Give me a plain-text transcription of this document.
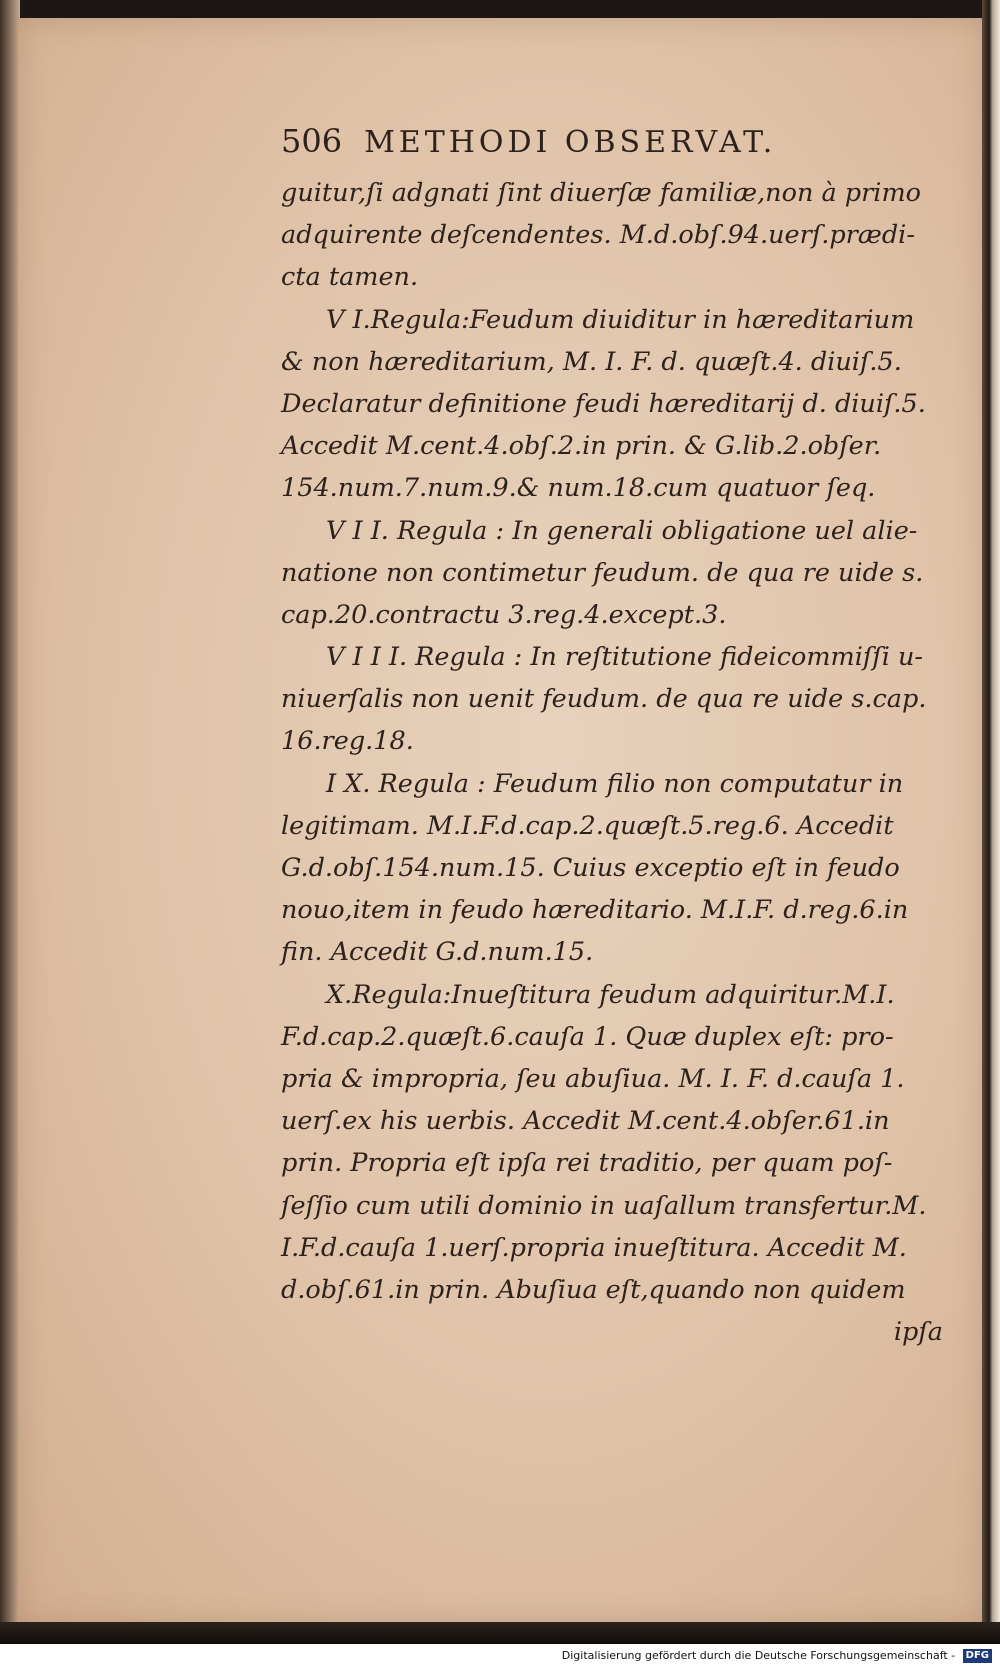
506 METHODI OBSERVAT.
guitur,ſi adgnati ſint diuerſæ familiæ,non à primo
adquirente deſcendentes. M.d.obſ.94.uerſ.prædi-
cta tamen.
V I.Regula:Feudum diuiditur in hæreditarium
& non hæreditarium, M. I. F. d. quæſt.4. diuiſ.5.
Declaratur definitione feudi hæreditarij d. diuiſ.5.
Accedit M.cent.4.obſ.2.in prin. & G.lib.2.obſer.
154.num.7.num.9.& num.18.cum quatuor ſeq.
V I I. Regula : In generali obligatione uel alie-
natione non contimetur feudum. de qua re uide s.
cap.20.contractu 3.reg.4.except.3.
V I I I. Regula : In reſtitutione fideicommiſſi u-
niuerſalis non uenit feudum. de qua re uide s.cap.
16.reg.18.
I X. Regula : Feudum filio non computatur in
legitimam. M.I.F.d.cap.2.quæſt.5.reg.6. Accedit
G.d.obſ.154.num.15. Cuius exceptio eſt in feudo
nouo,item in feudo hæreditario. M.I.F. d.reg.6.in
fin. Accedit G.d.num.15.
X.Regula:Inueſtitura feudum adquiritur.M.I.
F.d.cap.2.quæſt.6.cauſa 1. Quæ duplex eſt: pro-
pria & impropria, ſeu abuſiua. M. I. F. d.cauſa 1.
uerſ.ex his uerbis. Accedit M.cent.4.obſer.61.in
prin. Propria eſt ipſa rei traditio, per quam poſ-
ſeſſio cum utili dominio in uaſallum transfertur.M.
I.F.d.cauſa 1.uerſ.propria inueſtitura. Accedit M.
d.obſ.61.in prin. Abuſiua eſt,quando non quidem
ipſa
Digitalisierung gefördert durch die Deutsche Forschungsgemeinschaft - DFG
